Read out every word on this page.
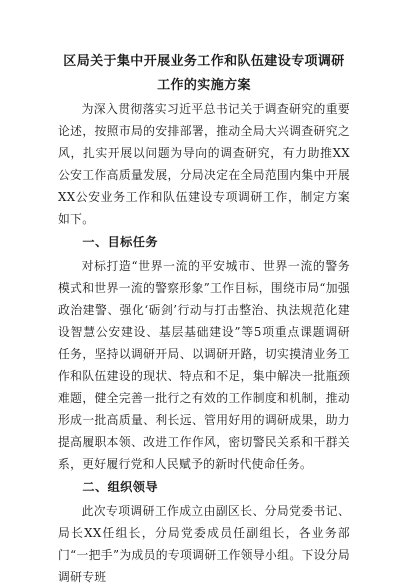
区局关于集中开展业务工作和队伍建设专项调研工作的实施方案

为深入贯彻落实习近平总书记关于调查研究的重要论述，按照市局的安排部署，推动全局大兴调查研究之风，扎实开展以问题为导向的调查研究，有力助推XX公安工作高质量发展，分局决定在全局范围内集中开展XX公安业务工作和队伍建设专项调研工作，制定方案如下。

一、目标任务

对标打造“世界一流的平安城市、世界一流的警务模式和世界一流的警察形象”工作目标，围绕市局“加强政治建警、强化‘砺剑’行动与打击整治、执法规范化建设智慧公安建设、基层基础建设”等5项重点课题调研任务，坚持以调研开局、以调研开路，切实摸清业务工作和队伍建设的现状、特点和不足，集中解决一批瓶颈难题，健全完善一批行之有效的工作制度和机制，推动形成一批高质量、利长远、管用好用的调研成果，助力提高履职本领、改进工作作风，密切警民关系和干群关系，更好履行党和人民赋予的新时代使命任务。

二、组织领导

此次专项调研工作成立由副区长、分局党委书记、局长XX任组长，分局党委成员任副组长，各业务部门“一把手”为成员的专项调研工作领导小组。下设分局调研专班
